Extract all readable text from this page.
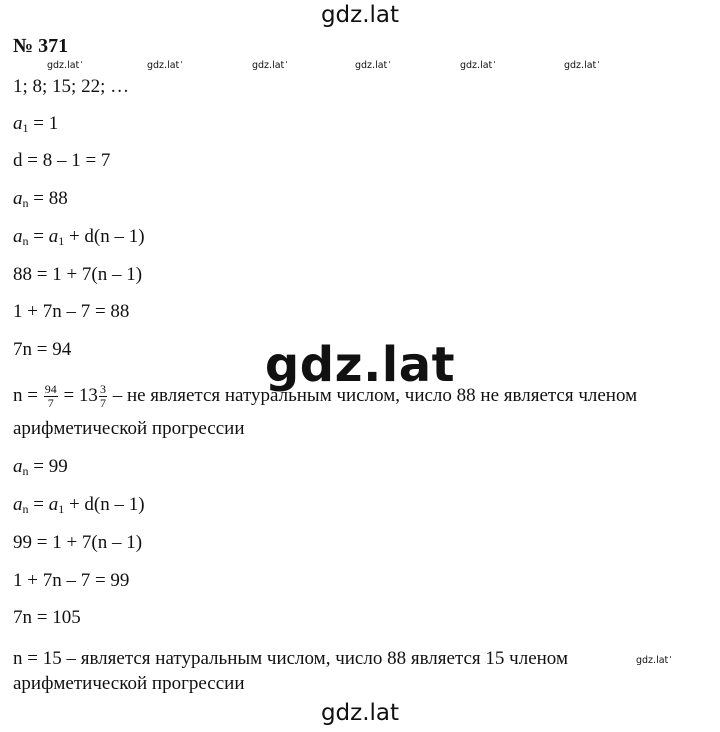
gdz.lat
gdz.lat '	gdz.lat '	gdz.lat '	gdz.lat '	gdz.lat '	gdz.lat '
gdz.lat
gdz.lat '
gdz.lat
№ 371
1; 8; 15; 22; …
$a_1 = 1$
d = 8 – 1 = 7
$a_n = 88$
$a_n = a_1 + d(n - 1)$
88 = 1 + 7(n – 1)
1 + 7n – 7 = 88
7n = 94
$n = \frac{94}{7} = 13 \frac{3}{7}$ – не является натуральным числом, число 88 не является членом
арифметической прогрессии
$a_n = 99$
$a_n = a_1 + d(n - 1)$
99 = 1 + 7(n – 1)
1 + 7n – 7 = 99
7n = 105
n = 15 – является натуральным числом, число 88 является 15 членом
арифметической прогрессии
